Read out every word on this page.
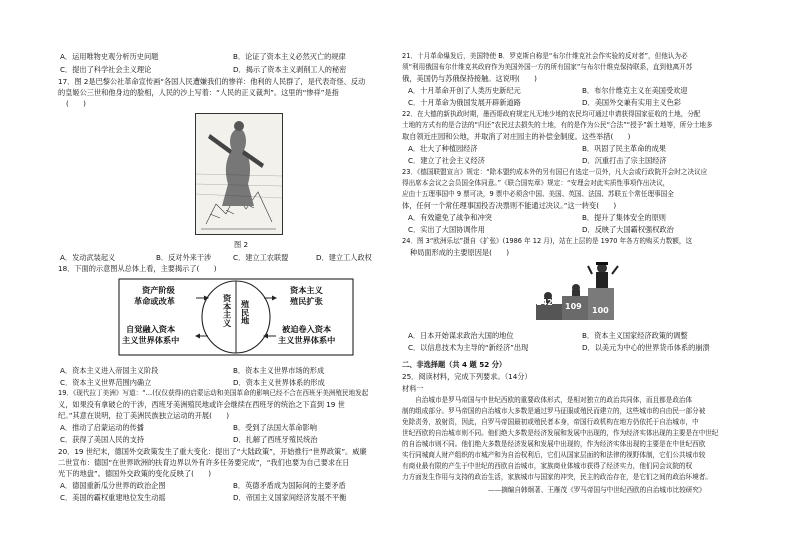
A．运用唯物史观分析历史问题	B．论证了资本主义必然灭亡的规律
C．提出了科学社会主义理论	D．揭示了资本主义剥削工人的秘密
17．图 2是巴黎公社革命宣传画“各国人民遭嫌我们的惨祥：他利的人民群了，是代表奇怪、反动
的皇姬公三世和他身边的脸相，人民的沙上写着：“人民的正义裁判”。这里的“惨祥”是指
(　　)
图 2
A．发动武装起义	B．反对外来干涉	C．建立工农联盟	D．建立工人政权
18．下面的示意图从总体上看，主要揭示了(　　)
资产阶级
革命或改革
自觉融入资本
主义世界体系中
资本主义 殖民地
资本主义
殖民扩张
被迫卷入资本
主义世界体系中
A．资本主义进入帝国主义阶段	B．资本主义世界市场的形成
C．资本主义世界范围内确立	D．资本主义世界体系的形成
19．《现代拉丁美洲》写道：“…(仅仅获得)的启蒙运动和美国革命的影响已经不合在西班牙美洲殖民地发起
义，如果没有拿破仑的干涉，西班牙美洲殖民地或许会继续在西班牙的统治之下直到 19 世
纪。”其意在说明，拉丁美洲民族独立运动的开展(　　)
A．推动了启蒙运动的传播	B．受到了法国大革命影响
C．获得了美国人民的支持	D．扎解了西班牙殖民统治
20．19 世纪末，德国外交政策发生了重大变化：提出了“大陆政策”，开始推行“世界政策”。威廉
二世宣布：德国“在世界欧洲的扶育边界以外有许多任务要完成”，“我们也要为自己要求在日
光下的地盘”。德国外交政策的变化反映了(　　)
A．德国重新瓜分世界的政治企图	B．英德矛盾成为国际间的主要矛盾
C．美国的霸权重建地位发生动摇	D．帝国主义国家间经济发展不平衡
21．十月革命爆发后，美国特使 B．罗克斯自称是“布尔什维克社会作实验的反对者”，但他认为必
须“利用俄国布尔什维克其政府作为美国外国一方的所有国家”与布尔什维克保持联系，直到他离开苏
俄，美国仍与苏俄保持接触。这说明(　　)
A．十月革命开创了人类历史新纪元	B．布尔什维克主义在美国受欢迎
C．十月革命为俄国发展开辟新道路	D．美国外交兼有实用主义色彩
22．在大德的新执政时期，墨西哥政府规定凡无地少地的农民均可通过申请获得国家征收的土地，分配
土地的方式有的是合法的“归还”农民过去损失的土地，有的是作为公民“合法”“授予”新土地等，所分土地多
取自领近庄园和公地，并取消了对庄园主的补偿金制度。这些举措(　　)
A．壮大了种植园经济	B．巩固了民主革命的成果
C．建立了社会主义经济	D．沉重打击了宗主国经济
23．《德国联盟宣言》规定：“除本盟约成本外的另有国已有选定一员外，凡大会或行政院开会时之决议应
得出席本会议之会员国全体同意。”《联合国宪章》规定：“安理会对此实质性事项作出决议，
应由十五理事国中 9 票可决，9 票中必须含中国、美国、英国、法国、苏联五个常任理事国全
体，任何一个常任理事国投否决票则不能通过决议。”这一转变(　　)
A．有效避免了战争和冲突	B．提升了集体安全的原则
C．实出了大国协调作用	D．反映了大国霸权强权政治
24．图 3“欧洲乐坛”摄自《扩张》(1986 年 12 月)，站在上层的是 1970 年各方的购买力数额，这
种局面形成的主要原因是(　　)
142 109 100
A．日本开始谋求政治大国的地位	B．资本主义国家经济政策的调整
C．以信息技术为主导的“新经济”出现	D．以美元为中心的世界货币体系的崩溃
二、非选择题（共 4 题 52 分）
25．阅读材料，完成下列要求。（14分）
材料一
　　自治城市是罗马帝国与中世纪西欧的重要政体形式，是相对独立的政治共同体，而且都是政治体
制的组成部分。罗马帝国的自治城市大多数是通过罗马征服或殖民而建立的，这些城市的自由民一部分被
免除责务，放射资，因此，自罗马帝国最初或殖民者本身，帝国行政机构在地方仍依托于自治城市，中
世纪西欧的自治城市则不同。他们绝大多数是经济发展和发展中出现的，作为经济实体出现的主要是在中世纪
的自治城市则不同。他们绝大多数是经济发展和发展中出现的，作为经济实体出现的主要是在中世纪西欧
实行同城商人财产组织的市城产和为自治权利后，它们从国家层面的和法律的视野体制，它们公共城市较
有商业最有限的产生于中世纪的西欧自治城市，家族商业体城市获得了经济实力，他们同会议院的权
力方面发生作用与支持的政治生活，家族城市与国家的冲突，民主的政治存在，是它们之间的政治环境者。
——摘编自韩炯著、王雁茂《罗马帝国与中世纪西欧的自治城市比较研究》
